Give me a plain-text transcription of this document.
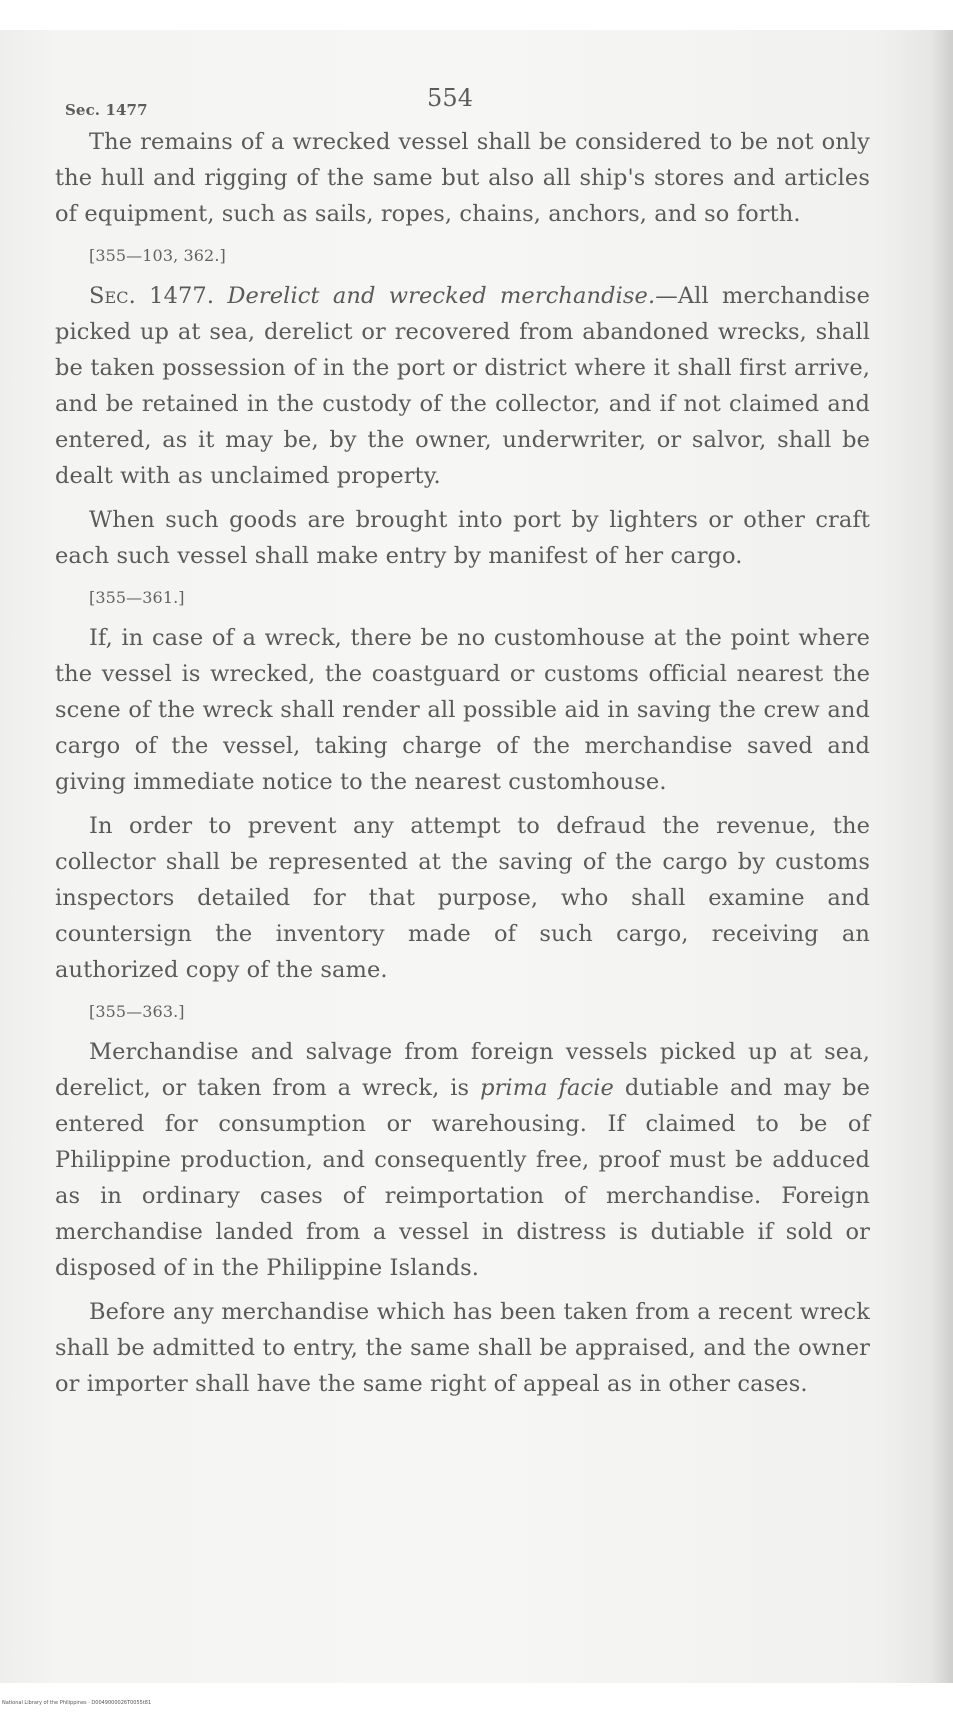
Sec. 1477	554

The remains of a wrecked vessel shall be considered to be not only the hull and rigging of the same but also all ship's stores and articles of equipment, such as sails, ropes, chains, anchors, and so forth.

[355—103, 362.]

Sec. 1477. Derelict and wrecked merchandise.—All merchandise picked up at sea, derelict or recovered from abandoned wrecks, shall be taken possession of in the port or district where it shall first arrive, and be retained in the custody of the collector, and if not claimed and entered, as it may be, by the owner, underwriter, or salvor, shall be dealt with as unclaimed property.

When such goods are brought into port by lighters or other craft each such vessel shall make entry by manifest of her cargo.

[355—361.]

If, in case of a wreck, there be no customhouse at the point where the vessel is wrecked, the coastguard or customs official nearest the scene of the wreck shall render all possible aid in saving the crew and cargo of the vessel, taking charge of the merchandise saved and giving immediate notice to the nearest customhouse.

In order to prevent any attempt to defraud the revenue, the collector shall be represented at the saving of the cargo by customs inspectors detailed for that purpose, who shall examine and countersign the inventory made of such cargo, receiving an authorized copy of the same.

[355—363.]

Merchandise and salvage from foreign vessels picked up at sea, derelict, or taken from a wreck, is prima facie dutiable and may be entered for consumption or warehousing. If claimed to be of Philippine production, and consequently free, proof must be adduced as in ordinary cases of reimportation of merchandise. Foreign merchandise landed from a vessel in distress is dutiable if sold or disposed of in the Philippine Islands.

Before any merchandise which has been taken from a recent wreck shall be admitted to entry, the same shall be appraised, and the owner or importer shall have the same right of appeal as in other cases.

National Library of the Philippines · D0049000026T0055t81
